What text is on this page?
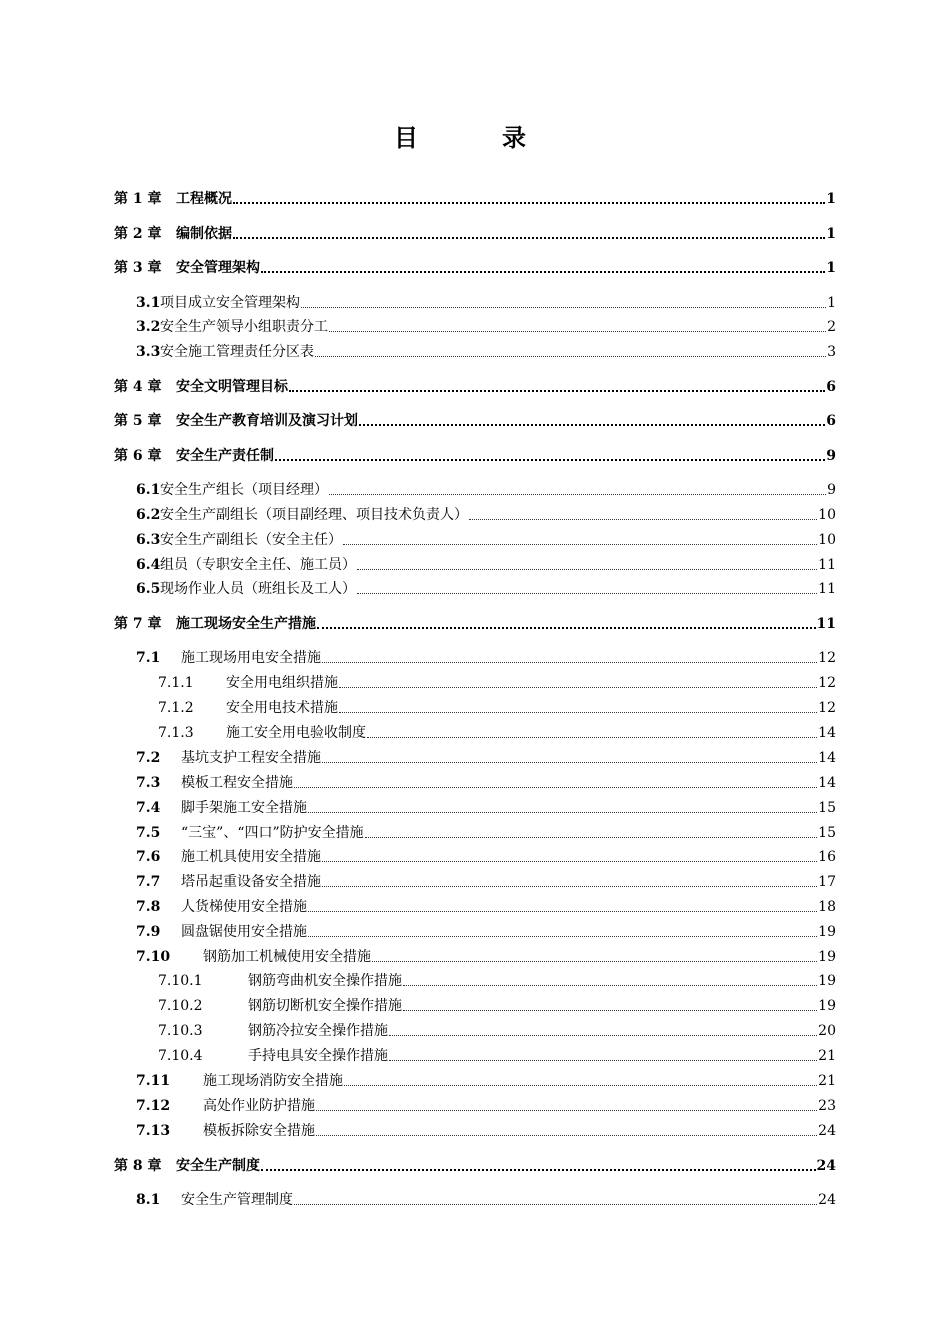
目　录
第 1 章	工程概况	1
第 2 章	编制依据	1
第 3 章	安全管理架构	1
3.1 项目成立安全管理架构	1
3.2 安全生产领导小组职责分工	2
3.3 安全施工管理责任分区表	3
第 4 章	安全文明管理目标	6
第 5 章	安全生产教育培训及演习计划	6
第 6 章	安全生产责任制	9
6.1 安全生产组长（项目经理）	9
6.2 安全生产副组长（项目副经理、项目技术负责人）	10
6.3 安全生产副组长（安全主任）	10
6.4 组员（专职安全主任、施工员）	11
6.5 现场作业人员（班组长及工人）	11
第 7 章	施工现场安全生产措施	11
7.1	施工现场用电安全措施	12
7.1.1	安全用电组织措施	12
7.1.2	安全用电技术措施	12
7.1.3	施工安全用电验收制度	14
7.2	基坑支护工程安全措施	14
7.3	模板工程安全措施	14
7.4	脚手架施工安全措施	15
7.5	“三宝”、“四口”防护安全措施	15
7.6	施工机具使用安全措施	16
7.7	塔吊起重设备安全措施	17
7.8	人货梯使用安全措施	18
7.9	圆盘锯使用安全措施	19
7.10	钢筋加工机械使用安全措施	19
7.10.1	钢筋弯曲机安全操作措施	19
7.10.2	钢筋切断机安全操作措施	19
7.10.3	钢筋冷拉安全操作措施	20
7.10.4	手持电具安全操作措施	21
7.11	施工现场消防安全措施	21
7.12	高处作业防护措施	23
7.13	模板拆除安全措施	24
第 8 章	安全生产制度	24
8.1	安全生产管理制度	24
